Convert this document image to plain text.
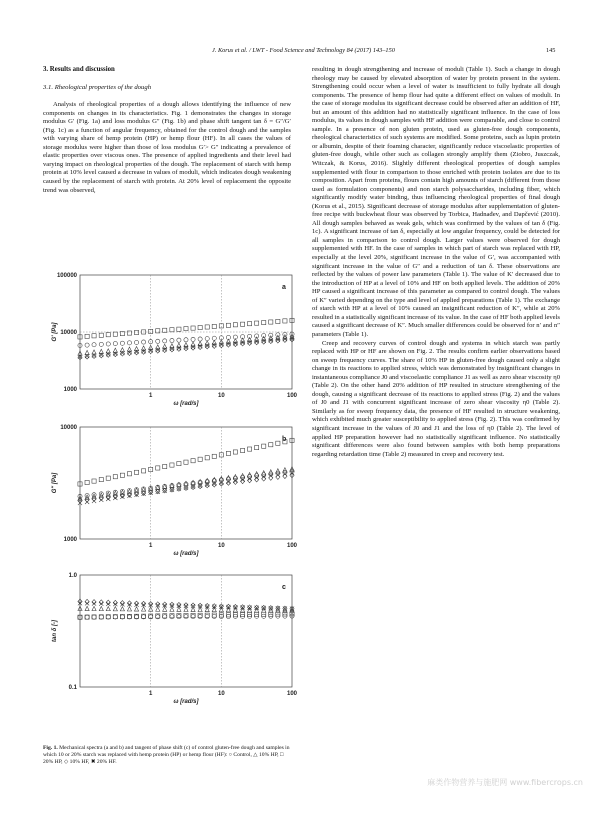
J. Korus et al. / LWT - Food Science and Technology 84 (2017) 143–150	145
3. Results and discussion
3.1. Rheological properties of the dough

Analysis of rheological properties of a dough allows identifying the influence of new components on changes in its characteristics. Fig. 1 demonstrates the changes in storage modulus G′ (Fig. 1a) and loss modulus G″ (Fig. 1b) and phase shift tangent tan δ = G″/G′ (Fig. 1c) as a function of angular frequency, obtained for the control dough and the samples with varying share of hemp protein (HP) or hemp flour (HF). In all cases the values of storage modulus were higher than those of loss modulus G′> G″ indicating a prevalence of elastic properties over viscous ones. The presence of applied ingredients and their level had varying impact on rheological properties of the dough. The replacement of starch with hemp protein at 10% level caused a decrease in values of moduli, which indicates dough weakening caused by the replacement of starch with protein. At 20% level of replacement the opposite trend was observed,

resulting in dough strengthening and increase of moduli (Table 1). Such a change in dough rheology may be caused by elevated absorption of water by protein present in the system. Strengthening could occur when a level of water is insufficient to fully hydrate all dough components. The presence of hemp flour had quite a different effect on values of moduli. In the case of storage modulus its significant decrease could be observed after an addition of HF, but an amount of this addition had no statistically significant influence. In the case of loss modulus, its values in dough samples with HF addition were comparable, and close to control sample. In a presence of non gluten protein, used as gluten-free dough components, rheological characteristics of such systems are modified. Some proteins, such as lupin protein or albumin, despite of their foaming character, significantly reduce viscoelastic properties of gluten-free dough, while other such as collagen strongly amplify them (Ziobro, Juszczak, Witczak, & Korus, 2016). Slightly different rheological properties of dough samples supplemented with flour in comparison to those enriched with protein isolates are due to its composition. Apart from proteins, flours contain high amounts of starch (different from those used as formulation components) and non starch polysaccharides, including fiber, which significantly modify water binding, thus influencing rheological properties of final dough (Korus et al., 2015). Significant decrease of storage modulus after supplementation of gluten-free recipe with buckwheat flour was observed by Torbica, Hadnađev, and Dapčević (2010). All dough samples behaved as weak gels, which was confirmed by the values of tan δ (Fig. 1c). A significant increase of tan δ, especially at low angular frequency, could be detected for all samples in comparison to control dough. Larger values were observed for dough supplemented with HF. In the case of samples in which part of starch was replaced with HP, especially at the level 20%, significant increase in the value of G′, was accompanied with significant increase in the value of G″ and a reduction of tan δ. These observations are reflected by the values of power law parameters (Table 1). The value of K′ decreased due to the introduction of HP at a level of 10% and HF on both applied levels. The addition of 20% HP caused a significant increase of this parameter as compared to control dough. The values of K″ varied depending on the type and level of applied preparations (Table 1). The exchange of starch with HP at a level of 10% caused an insignificant reduction of K″, while at 20% resulted in a statistically significant increase of its value. In the case of HF both applied levels caused a significant decrease of K″. Much smaller differences could be observed for n′ and n″ parameters (Table 1).

Creep and recovery curves of control dough and systems in which starch was partly replaced with HP or HF are shown on Fig. 2. The results confirm earlier observations based on sweep frequency curves. The share of 10% HP in gluten-free dough caused only a slight change in its reactions to applied stress, which was demonstrated by insignificant changes in instantaneous compliance J0 and viscoelastic compliance J1 as well as zero shear viscosity η0 (Table 2). On the other hand 20% addition of HP resulted in structure strengthening of the dough, causing a significant decrease of its reactions to applied stress (Fig. 2) and the values of J0 and J1 with concurrent significant increase of zero shear viscosity η0 (Table 2). Similarly as for sweep frequency data, the presence of HF resulted in structure weakening, which exhibited much greater susceptibility to applied stress (Fig. 2). This was confirmed by significant increase in the values of J0 and J1 and the loss of η0 (Table 2). The level of applied HP preparation however had no statistically significant influence. No statistically significant differences were also found between samples with both hemp preparations regarding retardation time (Table 2) measured in creep and recovery test.

1	10	100
1000
10000
100000
ω [rad/s]
G' [Pa]
a
1	10	100
1000
10000
ω [rad/s]
G" [Pa]
b
1	10	100
0.1
1.0
ω [rad/s]
tan δ [-]
c
Fig. 1. Mechanical spectra (a and b) and tangent of phase shift (c) of control gluten-free dough and samples in which 10 or 20% starch was replaced with hemp protein (HP) or hemp flour (HF): ○ Control, △ 10% HP, □ 20% HP, ◇ 10% HF, ✖ 20% HF.
麻类作物营养与施肥网 www.fibercrops.cn
